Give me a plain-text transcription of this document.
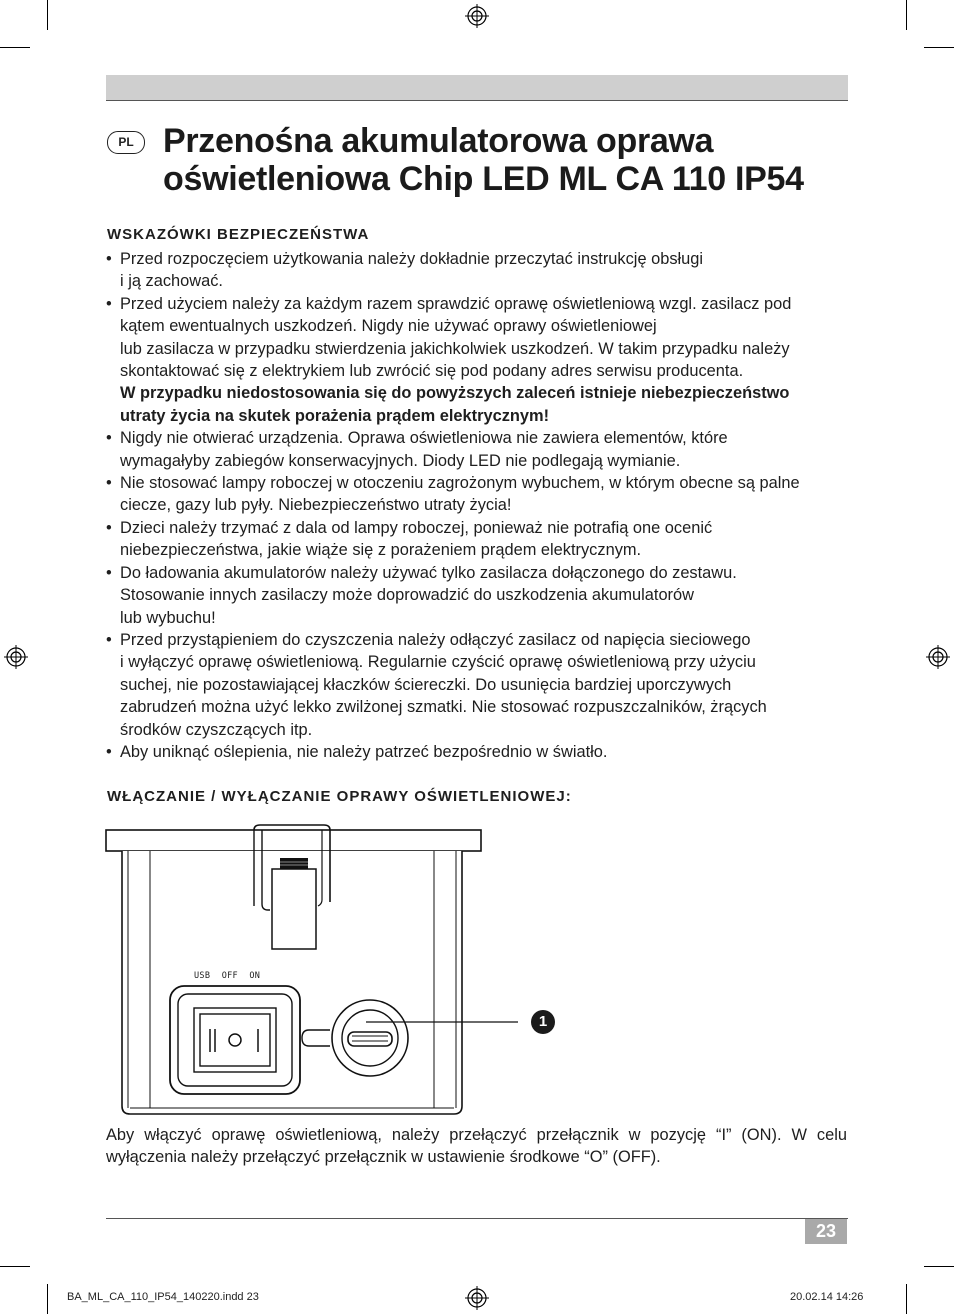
PL Przenośna akumulatorowa oprawa
oświetleniowa Chip LED ML CA 110 IP54
WSKAZÓWKI BEZPIECZEŃSTWA
• Przed rozpoczęciem użytkowania należy dokładnie przeczytać instrukcję obsługi
i ją zachować.
• Przed użyciem należy za każdym razem sprawdzić oprawę oświetleniową wzgl. zasilacz pod
kątem ewentualnych uszkodzeń. Nigdy nie używać oprawy oświetleniowej
lub zasilacza w przypadku stwierdzenia jakichkolwiek uszkodzeń. W takim przypadku należy
skontaktować się z elektrykiem lub zwrócić się pod podany adres serwisu producenta.
W przypadku niedostosowania się do powyższych zaleceń istnieje niebezpieczeństwo
utraty życia na skutek porażenia prądem elektrycznym!
• Nigdy nie otwierać urządzenia. Oprawa oświetleniowa nie zawiera elementów, które
wymagałyby zabiegów konserwacyjnych. Diody LED nie podlegają wymianie.
• Nie stosować lampy roboczej w otoczeniu zagrożonym wybuchem, w którym obecne są palne
ciecze, gazy lub pyły. Niebezpieczeństwo utraty życia!
• Dzieci należy trzymać z dala od lampy roboczej, ponieważ nie potrafią one ocenić
niebezpieczeństwa, jakie wiąże się z porażeniem prądem elektrycznym.
• Do ładowania akumulatorów należy używać tylko zasilacza dołączonego do zestawu.
Stosowanie innych zasilaczy może doprowadzić do uszkodzenia akumulatorów
lub wybuchu!
• Przed przystąpieniem do czyszczenia należy odłączyć zasilacz od napięcia sieciowego
i wyłączyć oprawę oświetleniową. Regularnie czyścić oprawę oświetleniową przy użyciu
suchej, nie pozostawiającej kłaczków ściereczki. Do usunięcia bardziej uporczywych
zabrudzeń można użyć lekko zwilżonej szmatki. Nie stosować rozpuszczalników, żrących
środków czyszczących itp.
• Aby uniknąć oślepienia, nie należy patrzeć bezpośrednio w światło.
WŁĄCZANIE / WYŁĄCZANIE OPRAWY OŚWIETLENIOWEJ:
USB OFF ON
1
Aby włączyć oprawę oświetleniową, należy przełączyć przełącznik w pozycję “I” (ON). W celu wyłączenia należy przełączyć przełącznik w ustawienie środkowe “O” (OFF).
23
BA_ML_CA_110_IP54_140220.indd 23	20.02.14 14:26
